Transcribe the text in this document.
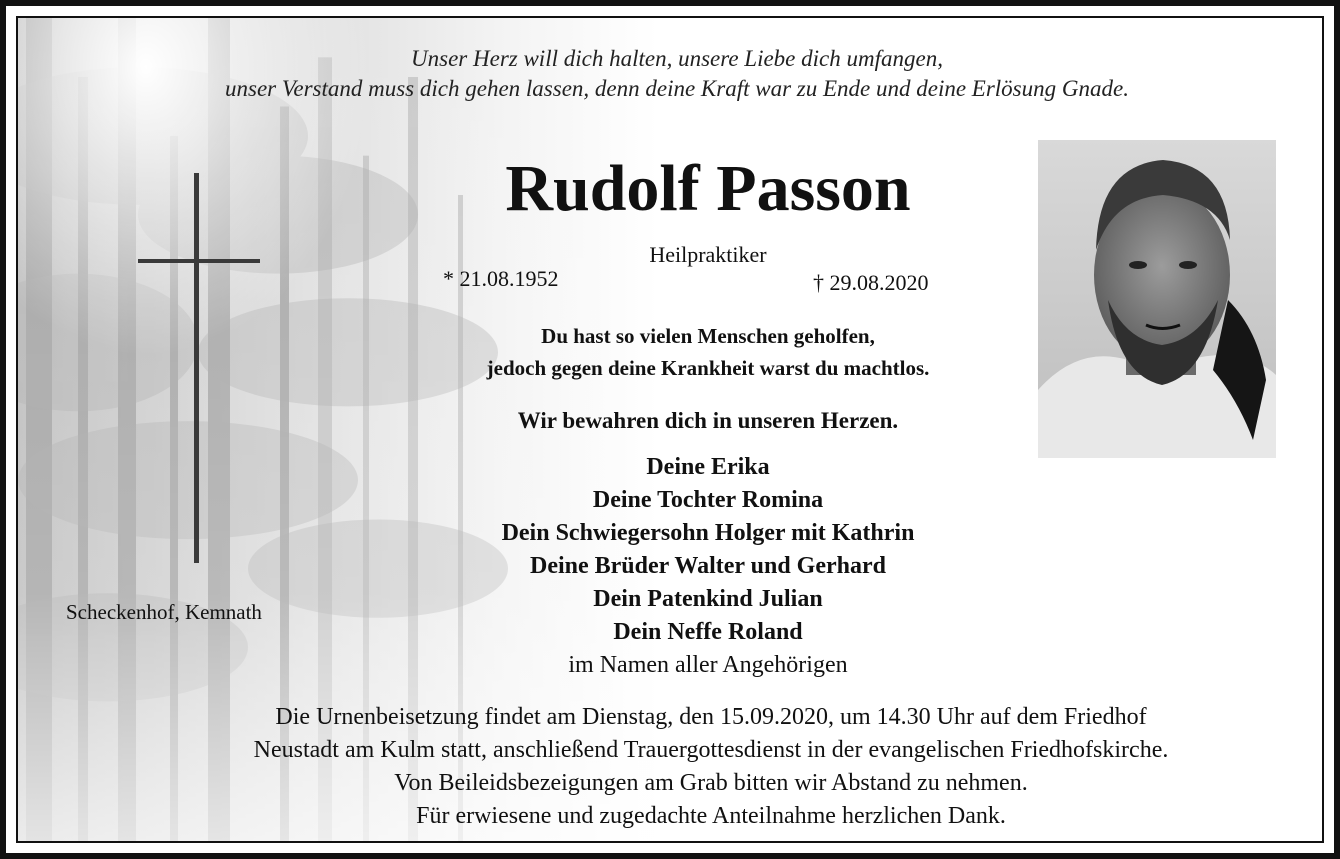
Unser Herz will dich halten, unsere Liebe dich umfangen,
unser Verstand muss dich gehen lassen, denn deine Kraft war zu Ende und deine Erlösung Gnade.
Rudolf Passon
Heilpraktiker
* 21.08.1952	† 29.08.2020
Du hast so vielen Menschen geholfen,
jedoch gegen deine Krankheit warst du machtlos.
Wir bewahren dich in unseren Herzen.
Deine Erika
Deine Tochter Romina
Dein Schwiegersohn Holger mit Kathrin
Deine Brüder Walter und Gerhard
Dein Patenkind Julian
Dein Neffe Roland
im Namen aller Angehörigen
Scheckenhof, Kemnath
Die Urnenbeisetzung findet am Dienstag, den 15.09.2020, um 14.30 Uhr auf dem Friedhof
Neustadt am Kulm statt, anschließend Trauergottesdienst in der evangelischen Friedhofskirche.
Von Beileidsbezeigungen am Grab bitten wir Abstand zu nehmen.
Für erwiesene und zugedachte Anteilnahme herzlichen Dank.
